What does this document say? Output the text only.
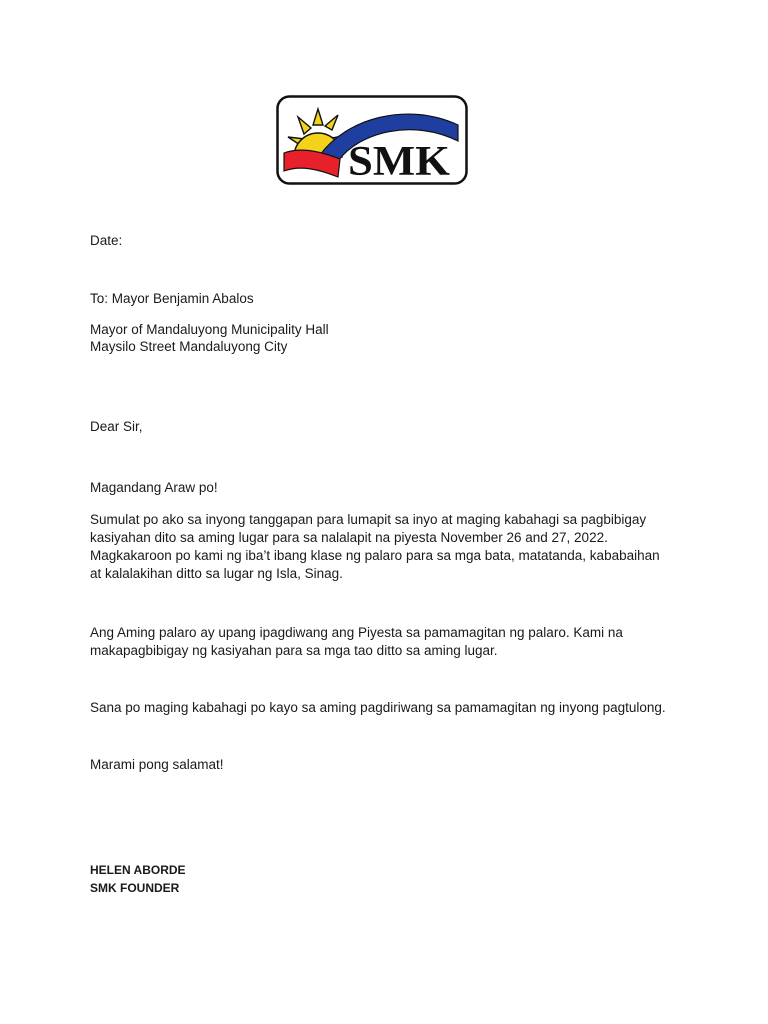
SMK
Date:
To: Mayor Benjamin Abalos
Mayor of Mandaluyong Municipality Hall
Maysilo Street Mandaluyong City
Dear Sir,
Magandang Araw po!
Sumulat po ako sa inyong tanggapan para lumapit sa inyo at maging kabahagi sa pagbibigay
kasiyahan dito sa aming lugar para sa nalalapit na piyesta November 26 and 27, 2022.
Magkakaroon po kami ng iba’t ibang klase ng palaro para sa mga bata, matatanda, kababaihan
at kalalakihan ditto sa lugar ng Isla, Sinag.
Ang Aming palaro ay upang ipagdiwang ang Piyesta sa pamamagitan ng palaro. Kami na
makapagbibigay ng kasiyahan para sa mga tao ditto sa aming lugar.
Sana po maging kabahagi po kayo sa aming pagdiriwang sa pamamagitan ng inyong pagtulong.
Marami pong salamat!
HELEN ABORDE
SMK FOUNDER
